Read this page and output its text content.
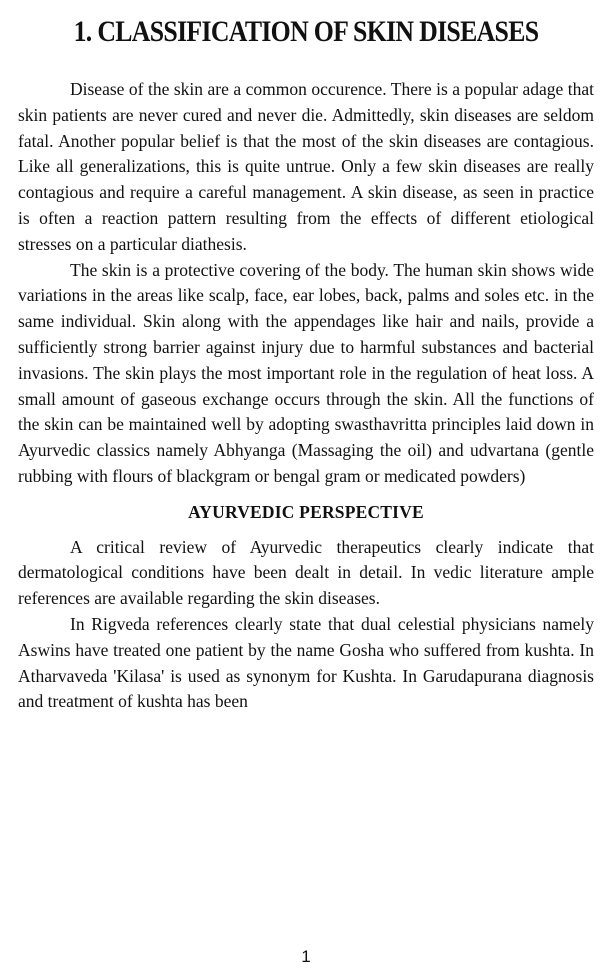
1. CLASSIFICATION OF SKIN DISEASES

Disease of the skin are a common occurence. There is a popular adage that skin patients are never cured and never die. Admittedly, skin diseases are seldom fatal. Another popular belief is that the most of the skin diseases are contagious. Like all generalizations, this is quite untrue. Only a few skin diseases are really contagious and require a careful management. A skin disease, as seen in practice is often a reaction pattern resulting from the effects of different etiological stresses on a particular diathesis.

The skin is a protective covering of the body. The human skin shows wide variations in the areas like scalp, face, ear lobes, back, palms and soles etc. in the same individual. Skin along with the appendages like hair and nails, provide a sufficiently strong barrier against injury due to harmful substances and bacterial invasions. The skin plays the most important role in the regulation of heat loss. A small amount of gaseous exchange occurs through the skin. All the functions of the skin can be maintained well by adopting swasthavritta principles laid down in Ayurvedic classics namely Abhyanga (Massaging the oil) and udvartana (gentle rubbing with flours of blackgram or bengal gram or medicated powders)

AYURVEDIC PERSPECTIVE

A critical review of Ayurvedic therapeutics clearly indicate that dermatological conditions have been dealt in detail. In vedic literature ample references are available regarding the skin diseases.

In Rigveda references clearly state that dual celestial physicians namely Aswins have treated one patient by the name Gosha who suffered from kushta. In Atharvaveda 'Kilasa' is used as synonym for Kushta. In Garudapurana diagnosis and treatment of kushta has been

1
